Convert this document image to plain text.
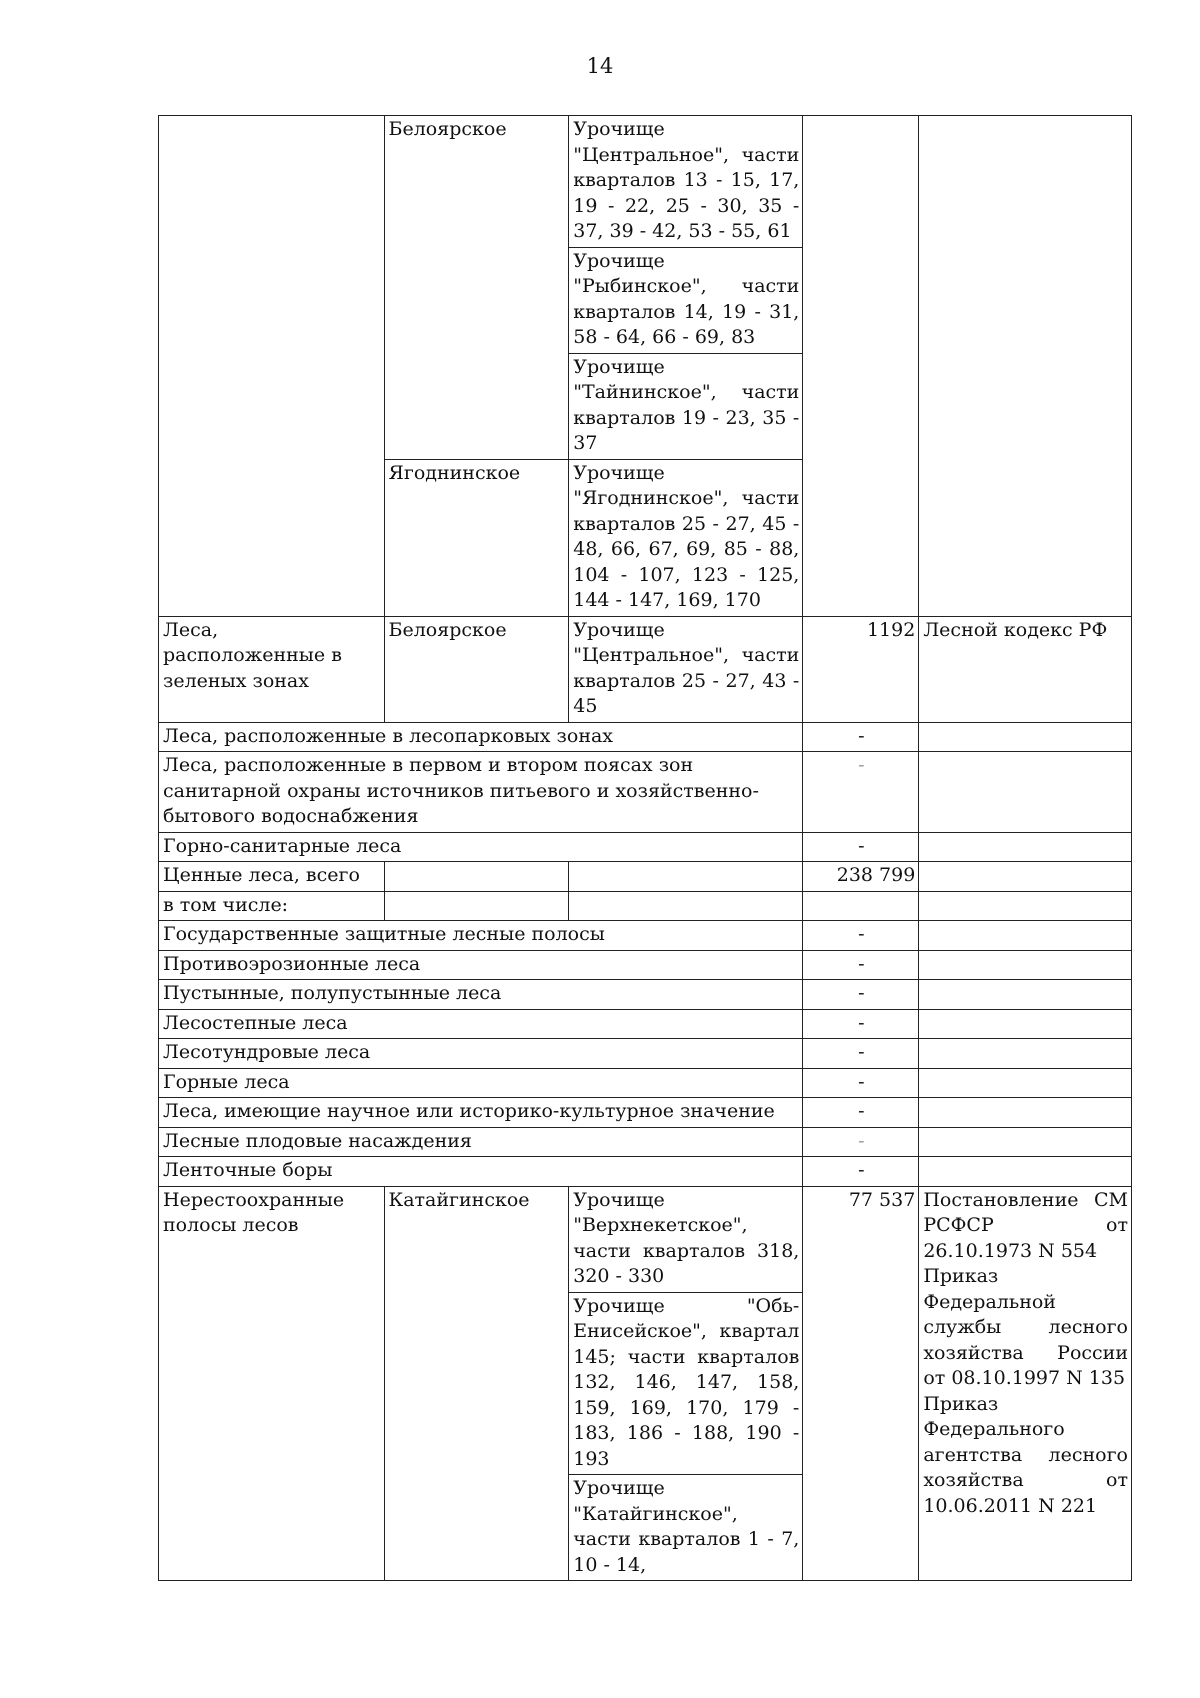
14
	Белоярское	Урочище "Центральное", части кварталов 13 - 15, 17, 19 - 22, 25 - 30, 35 - 37, 39 - 42, 53 - 55, 61		
		Урочище "Рыбинское", части кварталов 14, 19 - 31, 58 - 64, 66 - 69, 83		
		Урочище "Тайнинское", части кварталов 19 - 23, 35 - 37		
	Ягоднинское	Урочище "Ягоднинское", части кварталов 25 - 27, 45 - 48, 66, 67, 69, 85 - 88, 104 - 107, 123 - 125, 144 - 147, 169, 170		
Леса, расположенные в зеленых зонах	Белоярское	Урочище "Центральное", части кварталов 25 - 27, 43 - 45	1192	Лесной кодекс РФ
Леса, расположенные в лесопарковых зонах			-	
Леса, расположенные в первом и втором поясах зон санитарной охраны источников питьевого и хозяйственно-бытового водоснабжения			-	
Горно-санитарные леса			-	
Ценные леса, всего			238 799	
в том числе:				
Государственные защитные лесные полосы			-	
Противоэрозионные леса			-	
Пустынные, полупустынные леса			-	
Лесостепные леса			-	
Лесотундровые леса			-	
Горные леса			-	
Леса, имеющие научное или историко-культурное значение			-	
Лесные плодовые насаждения			-	
Ленточные боры			-	
Нерестоохранные полосы лесов	Катайгинское	Урочище "Верхнекетское", части кварталов 318, 320 - 330	77 537	Постановление СМ РСФСР от 26.10.1973 N 554
Приказ Федеральной службы лесного хозяйства России от 08.10.1997 N 135
Приказ Федерального агентства лесного хозяйства от 10.06.2011 N 221

		Урочище "Обь-Енисейское", квартал 145; части кварталов 132, 146, 147, 158, 159, 169, 170, 179 - 183, 186 - 188, 190 - 193		
		Урочище "Катайгинское", части кварталов 1 - 7, 10 - 14,		
